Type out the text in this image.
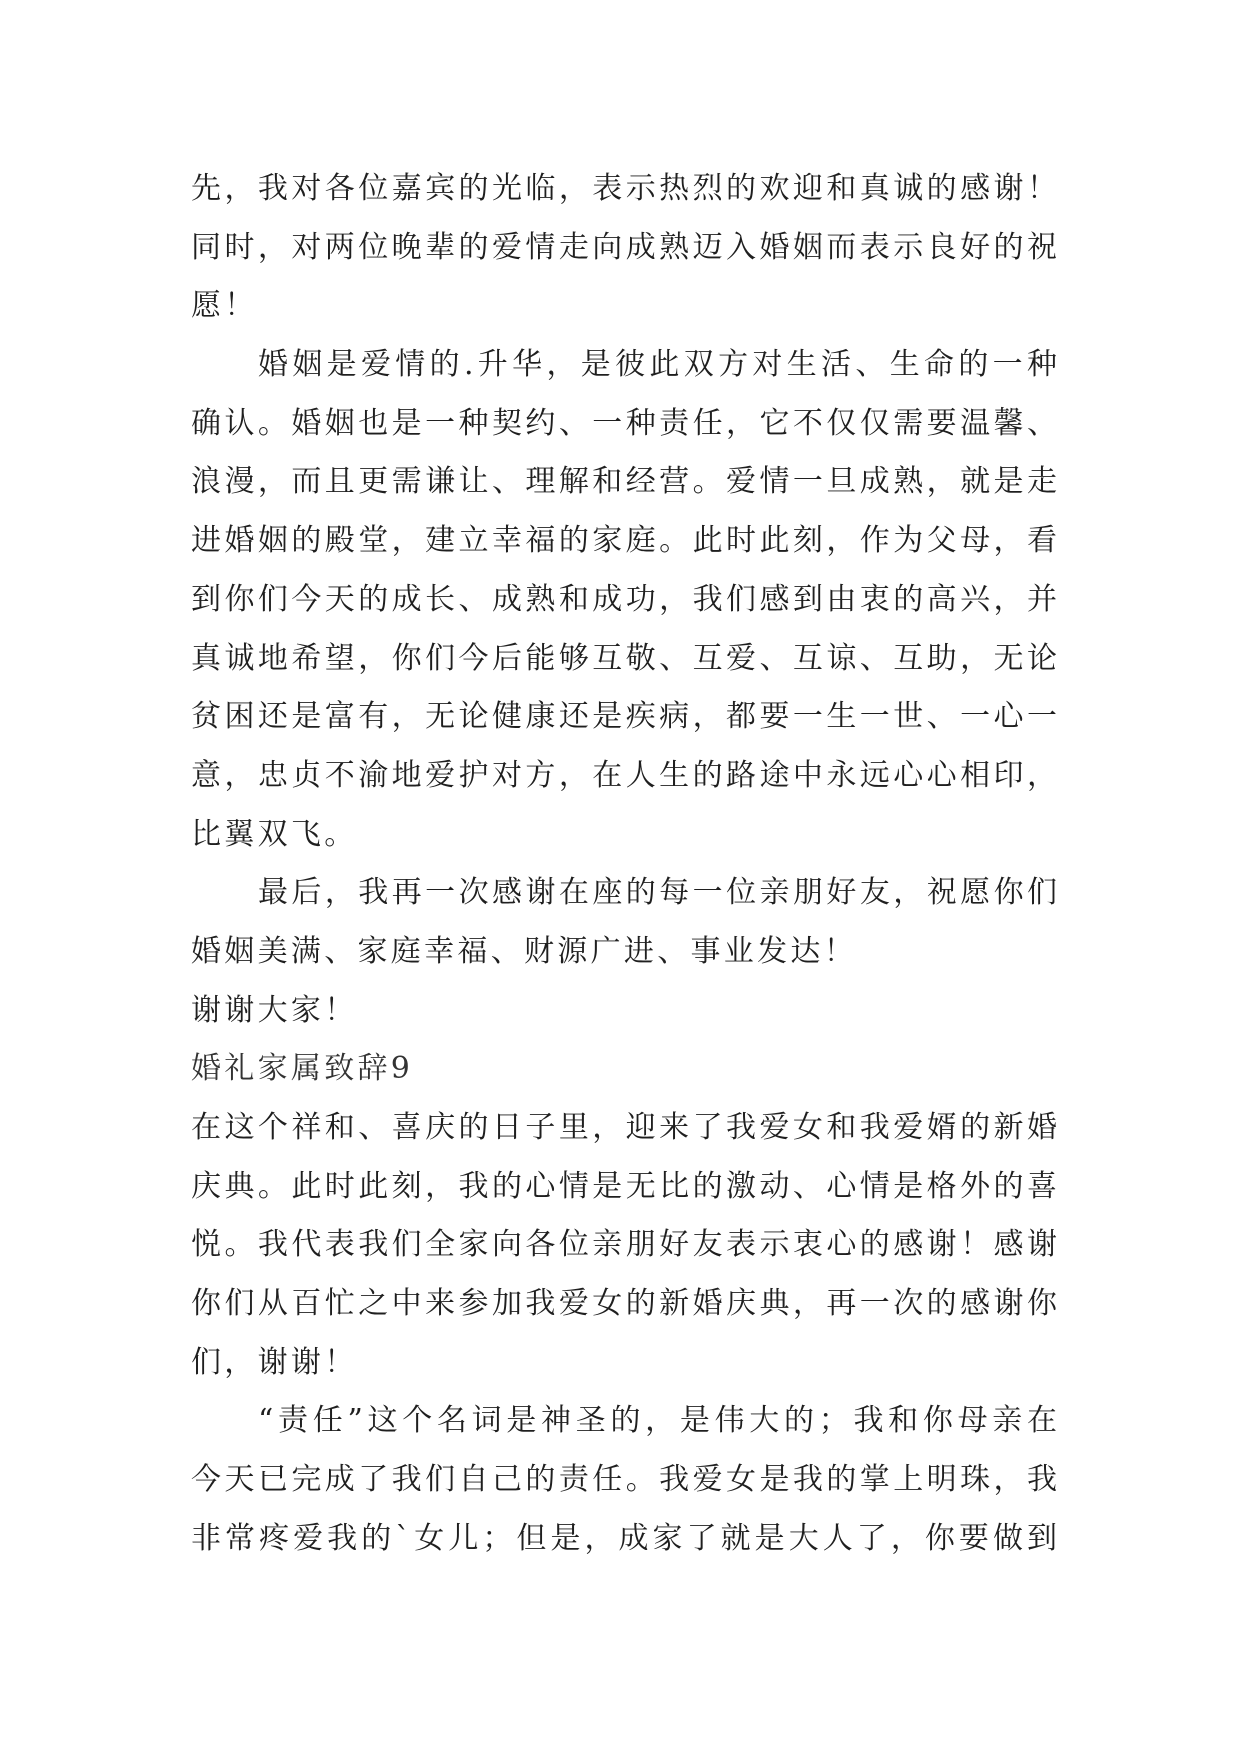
先，我对各位嘉宾的光临，表示热烈的欢迎和真诚的感谢！
同时，对两位晚辈的爱情走向成熟迈入婚姻而表示良好的祝
愿！
婚姻是爱情的.升华，是彼此双方对生活、生命的一种
确认。婚姻也是一种契约、一种责任，它不仅仅需要温馨、
浪漫，而且更需谦让、理解和经营。爱情一旦成熟，就是走
进婚姻的殿堂，建立幸福的家庭。此时此刻，作为父母，看
到你们今天的成长、成熟和成功，我们感到由衷的高兴，并
真诚地希望，你们今后能够互敬、互爱、互谅、互助，无论
贫困还是富有，无论健康还是疾病，都要一生一世、一心一
意，忠贞不渝地爱护对方，在人生的路途中永远心心相印，
比翼双飞。
最后，我再一次感谢在座的每一位亲朋好友，祝愿你们
婚姻美满、家庭幸福、财源广进、事业发达！
谢谢大家！
婚礼家属致辞9
在这个祥和、喜庆的日子里，迎来了我爱女和我爱婿的新婚
庆典。此时此刻，我的心情是无比的激动、心情是格外的喜
悦。我代表我们全家向各位亲朋好友表示衷心的感谢！感谢
你们从百忙之中来参加我爱女的新婚庆典，再一次的感谢你
们，谢谢！
“责任”这个名词是神圣的，是伟大的；我和你母亲在
今天已完成了我们自己的责任。我爱女是我的掌上明珠，我
非常疼爱我的`女儿；但是，成家了就是大人了，你要做到
